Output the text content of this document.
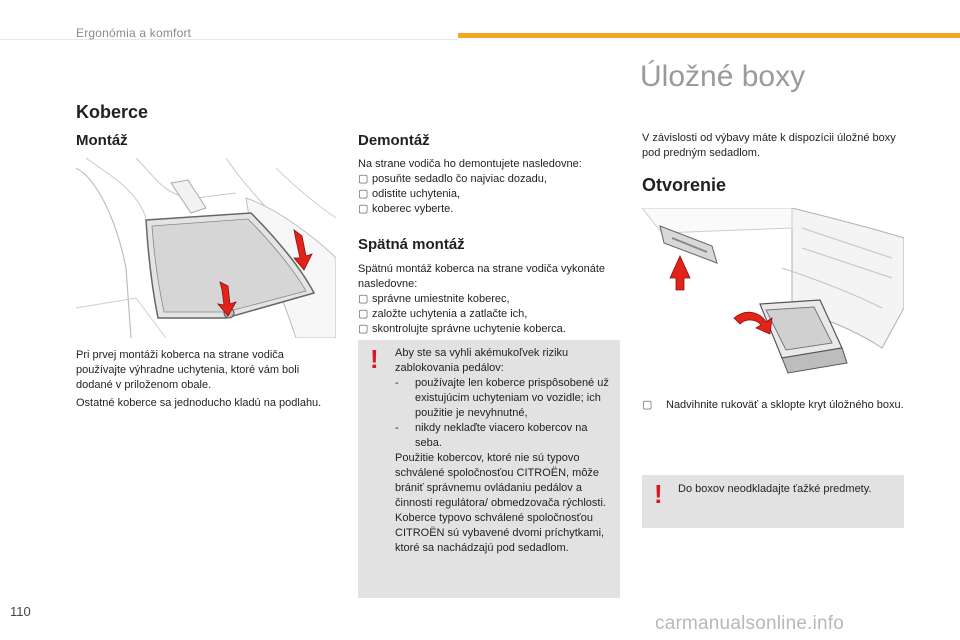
Ergonómia a komfort
Úložné boxy
Koberce
Montáž
Pri prvej montáži koberca na strane vodiča používajte výhradne uchytenia, ktoré vám boli dodané v priloženom obale.
Ostatné koberce sa jednoducho kladú na podlahu.
Demontáž
Na strane vodiča ho demontujete nasledovne:
▢ posuňte sedadlo čo najviac dozadu,
▢ odistite uchytenia,
▢ koberec vyberte.
Spätná montáž
Spätnú montáž koberca na strane vodiča vykonáte nasledovne:
▢ správne umiestnite koberec,
▢ založte uchytenia a zatlačte ich,
▢ skontrolujte správne uchytenie koberca.
! Aby ste sa vyhli akémukoľvek riziku zablokovania pedálov:
-	používajte len koberce prispôsobené už existujúcim uchyteniam vo vozidle; ich použitie je nevyhnutné,
-	nikdy neklaďte viacero kobercov na seba.
Použitie kobercov, ktoré nie sú typovo schválené spoločnosťou CITROËN, môže brániť správnemu ovládaniu pedálov a činnosti regulátora/ obmedzovača rýchlosti.
Koberce typovo schválené spoločnosťou CITROËN sú vybavené dvomi príchytkami, ktoré sa nachádzajú pod sedadlom.
V závislosti od výbavy máte k dispozícii úložné boxy pod predným sedadlom.
Otvorenie
▢	Nadvihnite rukoväť a sklopte kryt úložného boxu.
! Do boxov neodkladajte ťažké predmety.
110
carmanualsonline.info
